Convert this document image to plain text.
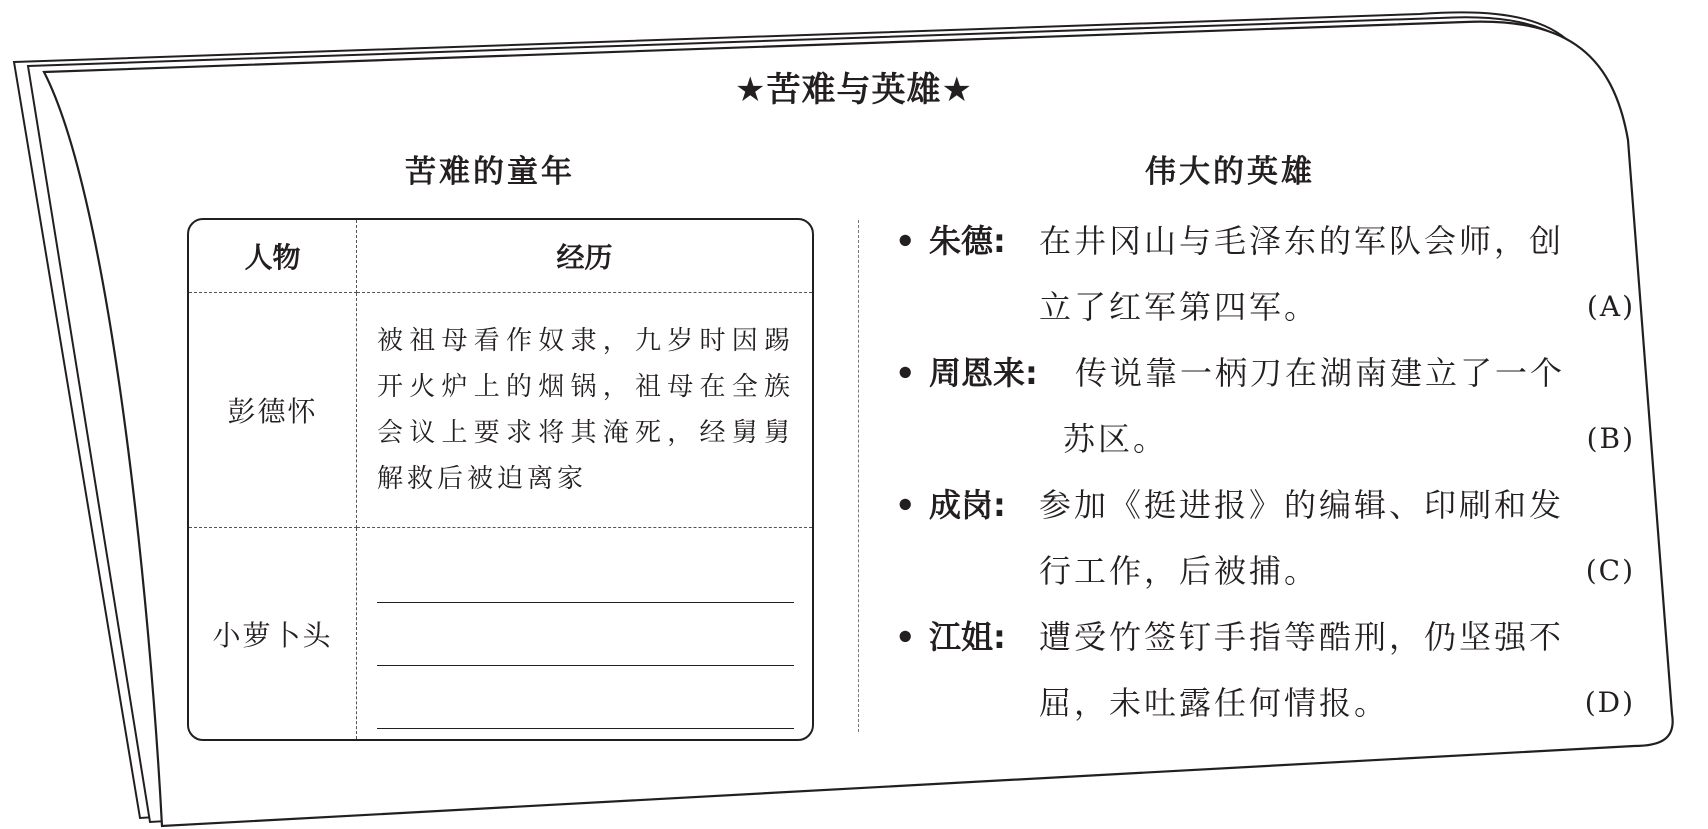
★苦难与英雄★
苦难的童年	伟大的英雄
人物	经历
彭德怀	被祖母看作奴隶，九岁时因踢开火炉上的烟锅，祖母在全族会议上要求将其淹死，经舅舅解救后被迫离家
小萝卜头	
• 朱德: 在井冈山与毛泽东的军队会师，创
立了红军第四军。	(A)
• 周恩来: 传说靠一柄刀在湖南建立了一个
苏区。	(B)
• 成岗: 参加《挺进报》的编辑、印刷和发
行工作，后被捕。	(C)
• 江姐: 遭受竹签钉手指等酷刑，仍坚强不
屈，未吐露任何情报。	(D)
